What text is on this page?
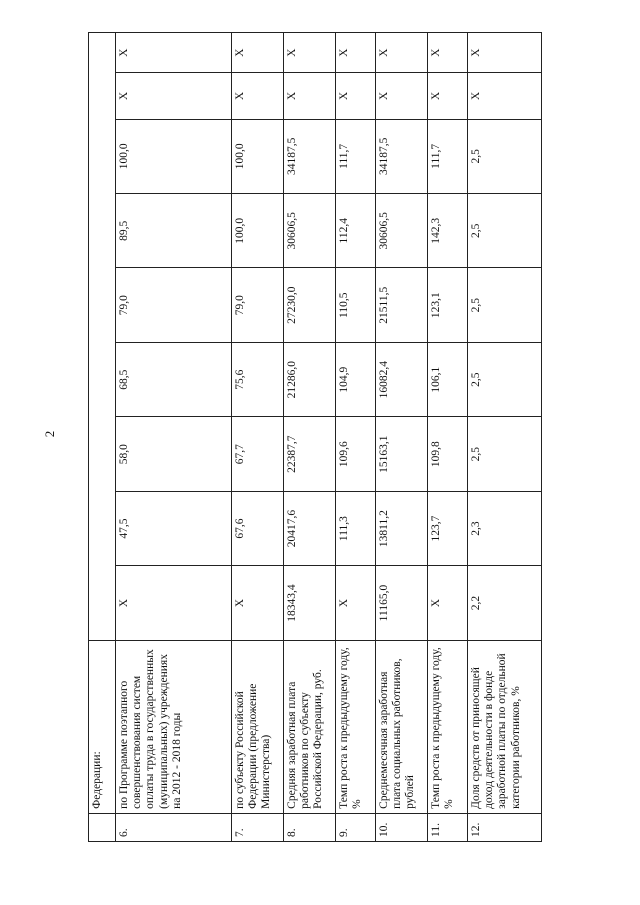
2
	Федерации:									
6.	по Программе поэтапного совершенствования систем оплаты труда в государственных (муниципальных) учреждениях на 2012 - 2018 годы	X	47,5	58,0	68,5	79,0	89,5	100,0	X	X
7.	по субъекту Российской Федерации (предложение Министерства)	X	67,6	67,7	75,6	79,0	100,0	100,0	X	X
8.	Средняя заработная плата работников по субъекту Российской Федерации, руб.	18343,4	20417,6	22387,7	21286,0	27230,0	30606,5	34187,5	X	X
9.	Темп роста к предыдущему году, %	X	111,3	109,6	104,9	110,5	112,4	111,7	X	X
10.	Среднемесячная заработная плата социальных работников, рублей	11165,0	13811,2	15163,1	16082,4	21511,5	30606,5	34187,5	X	X
11.	Темп роста к предыдущему году, %	X	123,7	109,8	106,1	123,1	142,3	111,7	X	X
12.	Доля средств от приносящей доход деятельности в фонде заработной платы по отдельной категории работников, %	2,2	2,3	2,5	2,5	2,5	2,5	2,5	X	X
